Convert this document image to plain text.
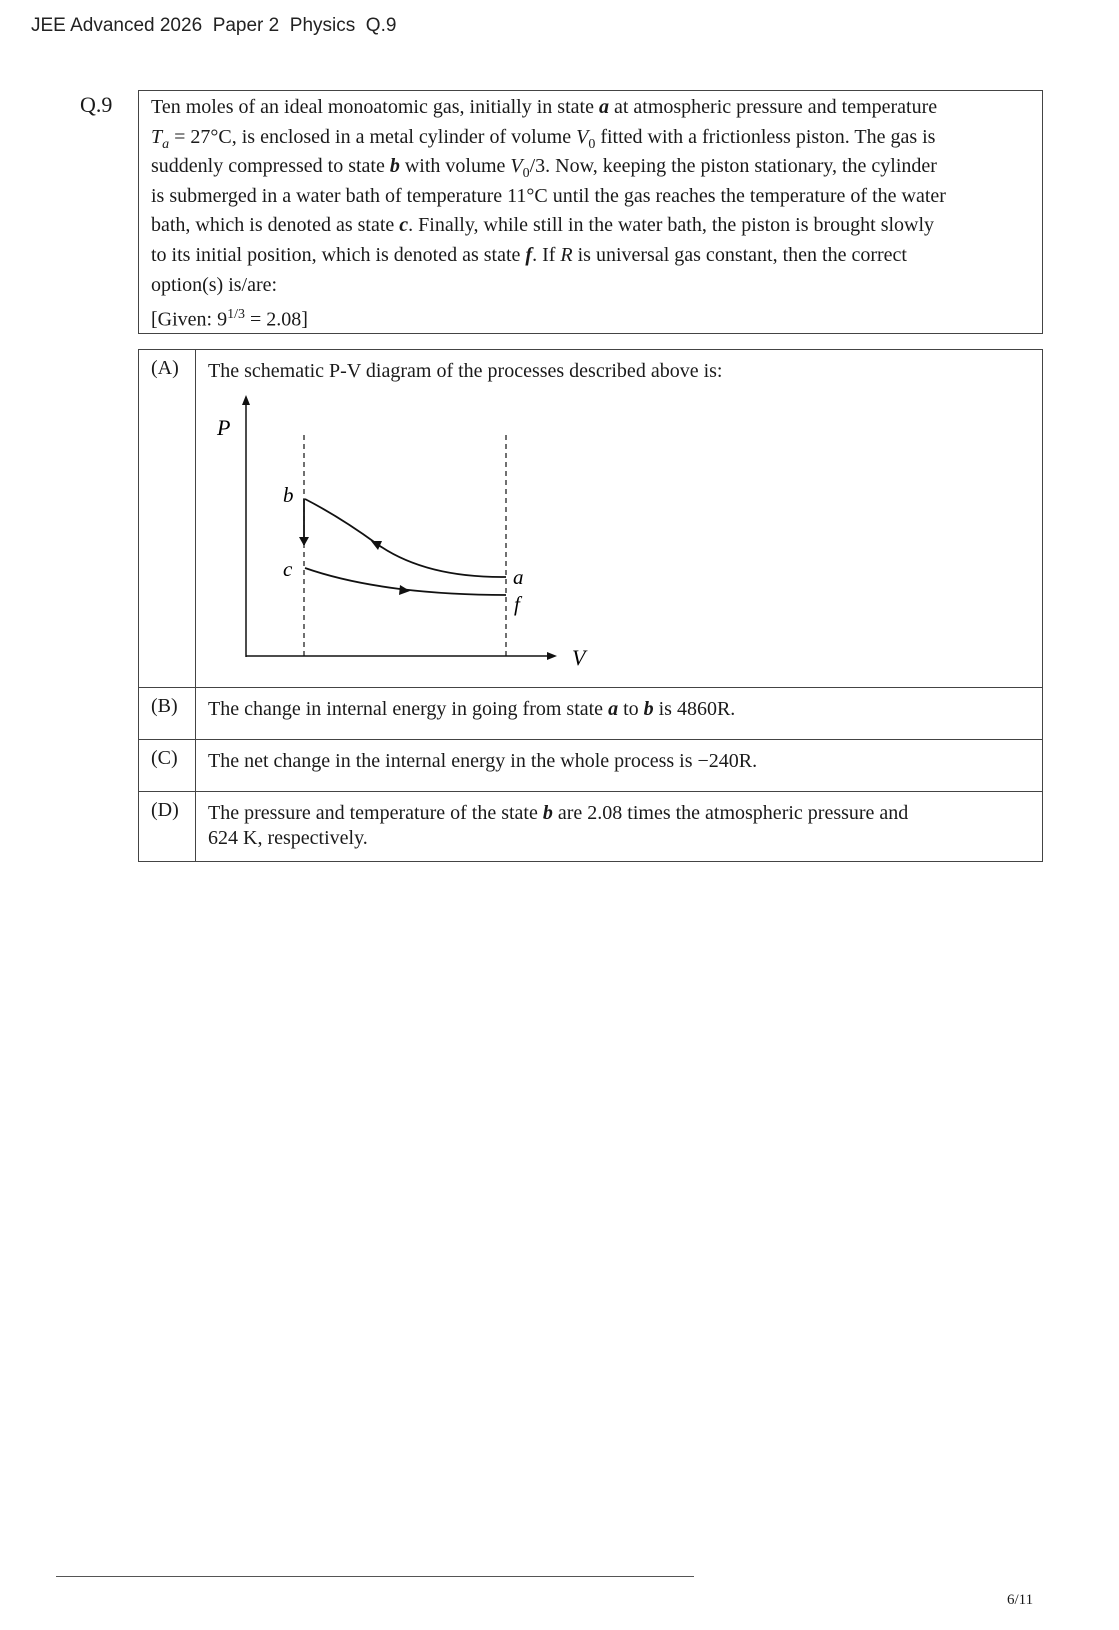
JEE Advanced 2026  Paper 2  Physics  Q.9
Q.9 Ten moles of an ideal monoatomic gas, initially in state a at atmospheric pressure and temperature
$T_a = 27^\circ C$, is enclosed in a metal cylinder of volume $V_0$ fitted with a frictionless piston. The gas is
suddenly compressed to state b with volume $V_0/3$. Now, keeping the piston stationary, the cylinder
is submerged in a water bath of temperature 11°C until the gas reaches the temperature of the water
bath, which is denoted as state c. Finally, while still in the water bath, the piston is brought slowly
to its initial position, which is denoted as state f. If R is universal gas constant, then the correct
option(s) is/are:
[Given: $9^{1/3} = 2.08$]
(A)	The schematic P-V diagram of the processes described above is:
(B)	The change in internal energy in going from state a to b is 4860R.
(C)	The net change in the internal energy in the whole process is −240R.
(D)	The pressure and temperature of the state b are 2.08 times the atmospheric pressure and
624 K, respectively.
P
V
b
c	a
f
6/11
